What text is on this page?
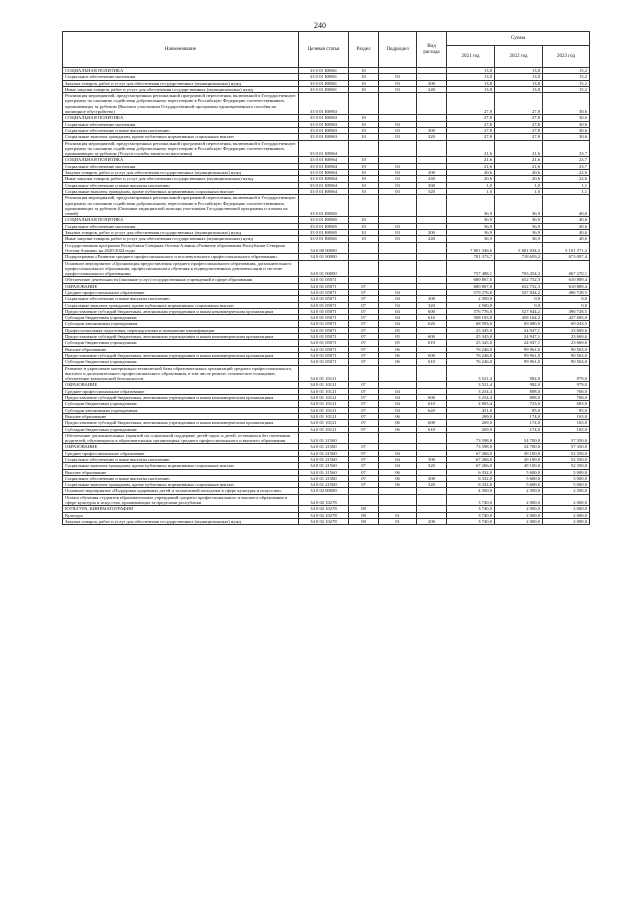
240
Наименование	Целевая статья	Раздел	Подраздел	Вид расхода	Сумма		
					2021 год	2022 год	2023 год
СОЦИАЛЬНАЯ ПОЛИТИКА	33 0 01 R0861	10			13,8	13,8	15,2
Социальное обеспечение населения	33 0 01 R0861	10	03		13,8	13,8	15,2
Закупка товаров, работ и услуг для обеспечения государственных (муниципальных) нужд	33 0 01 R0861	10	03	200	13,8	13,8	15,2
Иные закупки товаров, работ и услуг для обеспечения государственных (муниципальных) нужд	33 0 01 R0861	10	03	240	13,8	13,8	15,2
Реализация мероприятий, предусмотренных региональной программой переселения, включенной в Государственную программу по оказанию содействия добровольному переселению в Российскую Федерацию соотечественников, проживающих за рубежом (Выплата участникам Государственной программы единовременного пособия на жилищное обустройство)	33 0 01 R0863				27,8	27,8	30,6
СОЦИАЛЬНАЯ ПОЛИТИКА	33 0 01 R0863	10			27,8	27,8	30,6
Социальное обеспечение населения	33 0 01 R0863	10	03		27,8	27,8	30,6
Социальное обеспечение и иные выплаты населению	33 0 01 R0863	10	03	300	27,8	27,8	30,6
Социальные выплаты гражданам, кроме публичных нормативных социальных выплат	33 0 01 R0863	10	03	320	27,8	27,8	30,6
Реализация мероприятий, предусмотренных региональной программой переселения, включенной в Государственную программу по оказанию содействия добровольному переселению в Российскую Федерацию соотечественников, проживающих за рубежом (Услуги службы занятости населения)	33 0 01 R0864				21,6	21,6	23,7
СОЦИАЛЬНАЯ ПОЛИТИКА	33 0 01 R0864	10			21,6	21,6	23,7
Социальное обеспечение населения	33 0 01 R0864	10	03		21,6	21,6	23,7
Закупка товаров, работ и услуг для обеспечения государственных (муниципальных) нужд	33 0 01 R0864	10	03	200	20,6	20,6	22,6
Иные закупки товаров, работ и услуг для обеспечения государственных (муниципальных) нужд	33 0 01 R0864	10	03	240	20,6	20,6	22,6
Социальное обеспечение и иные выплаты населению	33 0 01 R0864	10	03	300	1,0	1,0	1,1
Социальные выплаты гражданам, кроме публичных нормативных социальных выплат	33 0 01 R0864	10	03	320	1,0	1,0	1,1
Реализация мероприятий, предусмотренных региональной программой переселения, включенной в Государственную программу по оказанию содействия добровольному переселению в Российскую Федерацию соотечественников, проживающих за рубежом (Оказание медицинской помощи участникам Государственной программы и членам их семей)	33 0 01 R0865				36,9	36,9	40,6
СОЦИАЛЬНАЯ ПОЛИТИКА	33 0 01 R0865	10			36,9	36,9	40,6
Социальное обеспечение населения	33 0 01 R0865	10	03		36,9	36,9	40,6
Закупка товаров, работ и услуг для обеспечения государственных (муниципальных) нужд	33 0 01 R0865	10	03	200	36,9	36,9	40,6
Иные закупки товаров, работ и услуг для обеспечения государственных (муниципальных) нужд	33 0 01 R0865	10	03	240	36,9	36,9	40,6
Государственная программа Республики Северная Осетия-Алания «Развитие образования Республики Северная Осетия-Алания» на 2020-2024 годы	34 0 00 00000				7 801 336,6	5 801 034,3	5 101 371,2
Подпрограмма «Развитие среднего профессионального и послевузовского профессионального образования»	34 0 01 00000				781 373,7	718 659,2	673 097,4
Основное мероприятие «Организация предоставления среднего профессионального образования, дополнительного профессионального образования, профессионального обучения в подведомственных декомпенсации и системе профессионального образования»	34 0 01 00000				757 488,1	703 454,3	667 270,1
Обеспечение деятельности (оказание услуг) государственных учреждений в сфере образования	34 0 01 05071				680 867,0	652 752,3	610 889,4
ОБРАЗОВАНИЕ	34 0 01 05071	07			680 867,0	652 752,3	610 889,4
Среднее профессиональное образование	34 0 01 05071	07	04		579 276,0	527 844,2	496 728,5
Социальное обеспечение и иные выплаты населению	34 0 01 05071	07	04	300	2 500,0	0,0	0,0
Социальные выплаты гражданам, кроме публичных нормативных социальных выплат	34 0 01 05071	07	04	320	2 500,0	0,0	0,0
Предоставление субсидий бюджетным, автономным учреждениям и иным некоммерческим организациям	34 0 01 05071	07	04	600	576 776,0	527 844,2	496 728,5
Субсидии бюджетным учреждениям	34 0 01 05071	07	04	610	508 183,0	458 164,2	427 685,0
Субсидии автономным учреждениям	34 0 01 05071	07	04	620	68 593,0	69 680,0	69 043,5
Профессиональная подготовка, переподготовка и повышение квалификации	34 0 01 05071	07	05		25 345,0	24 947,1	23 669,6
Предоставление субсидий бюджетным, автономным учреждениям и иным некоммерческим организациям	34 0 01 05071	07	05	600	25 345,0	24 947,1	23 669,6
Субсидии бюджетным учреждениям	34 0 01 05071	07	05	610	25 345,0	24 947,1	23 669,6
Высшее образование	34 0 01 05071	07	06		76 246,0	99 961,0	90 563,0
Предоставление субсидий бюджетным, автономным учреждениям и иным некоммерческим организациям	34 0 01 05071	07	06	600	76 246,0	99 961,0	90 563,0
Субсидии бюджетным учреждениям	34 0 01 05071	07	06	610	76 246,0	99 961,0	90 563,0
Развитие и укрепление материально-технической базы образовательных организаций среднего профессионального, высшего и дополнительного профессионального образования, в том числе ремонт, техническое оснащение, обеспечение комплексной безопасности	34 0 01 10121				3 521,4	982,0	979,0
ОБРАЗОВАНИЕ	34 0 01 10121	07			3 521,4	982,0	979,0
Среднее профессиональное образование	34 0 01 10121	07	04		3 254,4	808,0	768,0
Предоставление субсидий бюджетным, автономным учреждениям и иным некоммерческим организациям	34 0 01 10121	07	04	600	3 254,4	808,0	768,0
Субсидии бюджетным учреждениям	34 0 01 10121	07	04	610	2 803,4	723,0	683,0
Субсидии автономным учреждениям	34 0 01 10121	07	04	620	451,0	85,0	85,0
Высшее образование	34 0 01 10121	07	06		269,0	174,0	165,0
Предоставление субсидий бюджетным, автономным учреждениям и иным некоммерческим организациям	34 0 01 10121	07	06	600	269,0	174,0	165,0
Субсидии бюджетным учреждениям	34 0 01 10121	07	06	610	269,0	174,0	165,0
Обеспечение дополнительных гарантий по социальной поддержке детей-сирот и детей, оставшихся без попечения родителей, обучающихся в образовательных организациях среднего профессионального и высшего образования	34 0 01 21560				73 598,0	54 700,0	57 350,0
ОБРАЗОВАНИЕ	34 0 01 21560	07			73 598,0	54 700,0	57 350,0
Среднее профессиональное образование	34 0 01 21560	07	04		67 266,0	49 100,0	52 350,0
Социальное обеспечение и иные выплаты населению	34 0 01 21560	07	04	300	67 266,0	49 100,0	52 350,0
Социальные выплаты гражданам, кроме публичных нормативных социальных выплат	34 0 01 21560	07	04	320	67 266,0	49 100,0	52 350,0
Высшее образование	34 0 01 21560	07	06		6 332,0	5 600,0	5 000,0
Социальное обеспечение и иные выплаты населению	34 0 01 21560	07	06	300	6 332,0	5 600,0	5 000,0
Социальные выплаты гражданам, кроме публичных нормативных социальных выплат	34 0 01 21560	07	06	320	6 332,0	5 600,0	5 000,0
Основное мероприятие «Поддержка одаренных детей и талантливой молодежи в сфере культуры и искусства»	34 0 02 00000				4 500,0	2 500,0	2 500,0
Оплата обучения студентов образовательных учреждений среднего профессионального и высшего образования в сфере культуры и искусства, проживающих за пределами республики	34 0 02 10278				3 740,0	2 000,0	2 000,0
КУЛЬТУРА, КИНЕМАТОГРАФИЯ	34 0 02 10278	08			3 740,0	2 000,0	2 000,0
Культура	34 0 02 10278	08	01		3 740,0	2 000,0	2 000,0
Закупка товаров, работ и услуг для обеспечения государственных (муниципальных) нужд	34 0 02 10278	08	01	200	3 740,0	2 000,0	2 000,0
